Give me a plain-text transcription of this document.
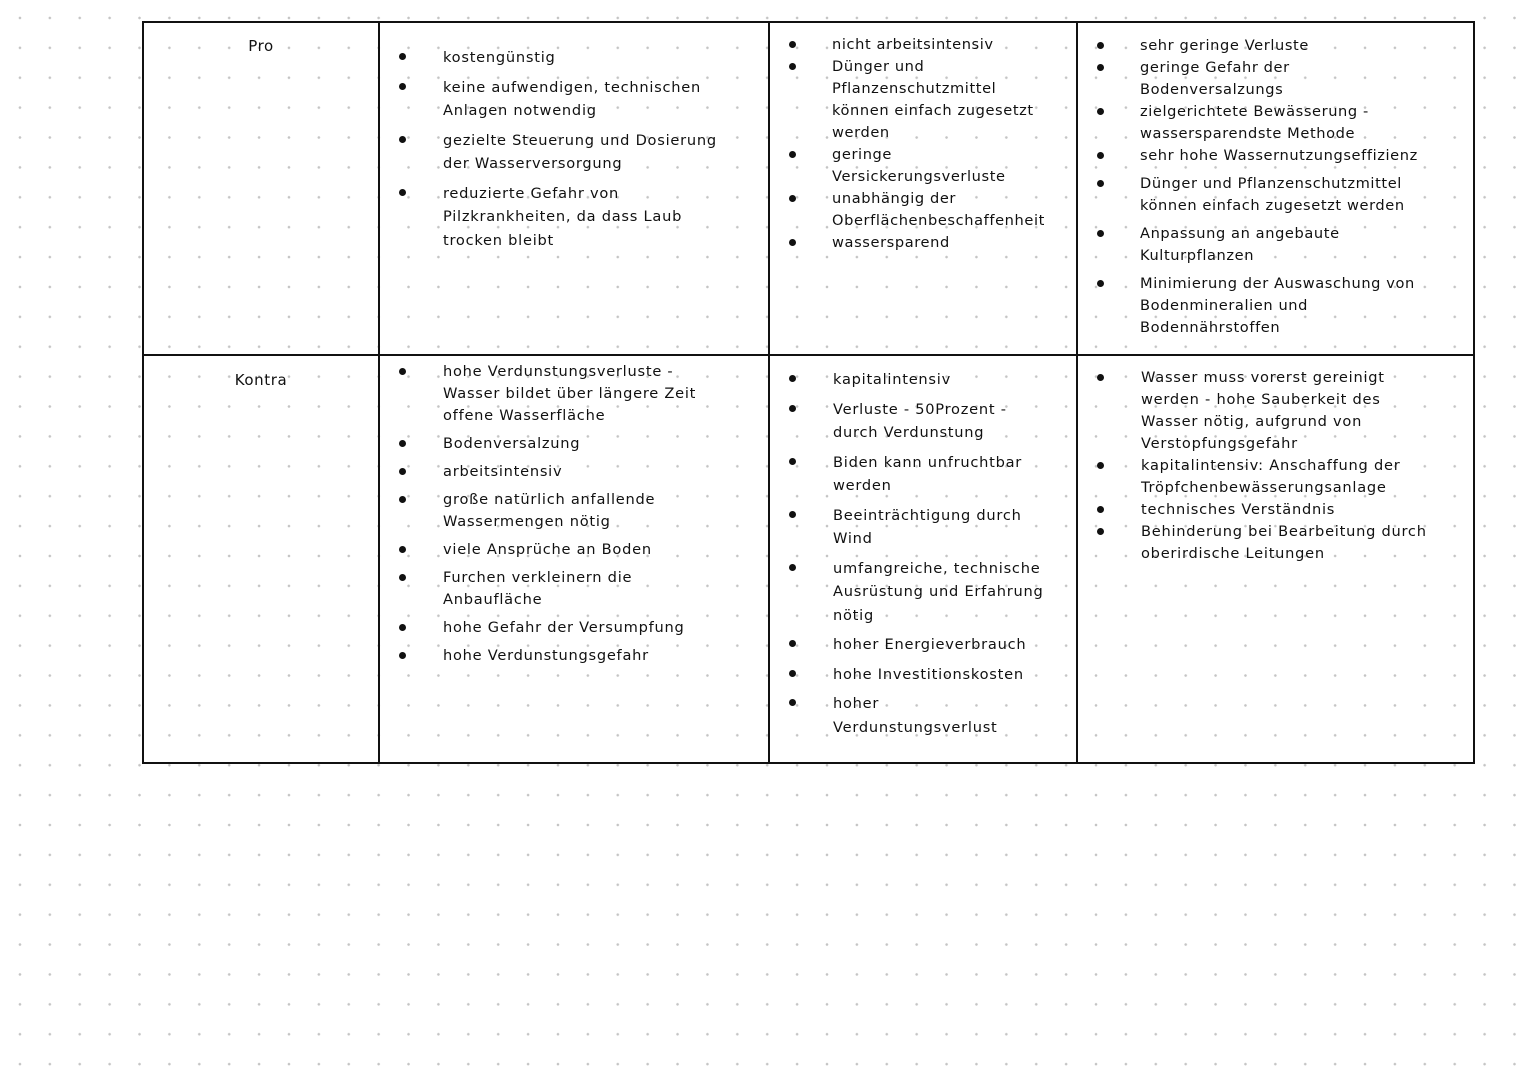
Pro
Kontra
kostengünstig
keine aufwendigen, technischen
Anlagen notwendig
gezielte Steuerung und Dosierung
der Wasserversorgung
reduzierte Gefahr von
Pilzkrankheiten, da dass Laub
trocken bleibt
nicht arbeitsintensiv
Dünger und
Pflanzenschutzmittel
können einfach zugesetzt
werden
geringe
Versickerungsverluste
unabhängig der
Oberflächenbeschaffenheit
wassersparend
sehr geringe Verluste
geringe Gefahr der
Bodenversalzungs
zielgerichtete Bewässerung -
wassersparendste Methode
sehr hohe Wassernutzungseffizienz
Dünger und Pflanzenschutzmittel
können einfach zugesetzt werden
Anpassung an angebaute
Kulturpflanzen
Minimierung der Auswaschung von
Bodenmineralien und
Bodennährstoffen
hohe Verdunstungsverluste -
Wasser bildet über längere Zeit
offene Wasserfläche
Bodenversalzung
arbeitsintensiv
große natürlich anfallende
Wassermengen nötig
viele Ansprüche an Boden
Furchen verkleinern die
Anbaufläche
hohe Gefahr der Versumpfung
hohe Verdunstungsgefahr
kapitalintensiv
Verluste - 50Prozent -
durch Verdunstung
Biden kann unfruchtbar
werden
Beeinträchtigung durch
Wind
umfangreiche, technische
Ausrüstung und Erfahrung
nötig
hoher Energieverbrauch
hohe Investitionskosten
hoher
Verdunstungsverlust
Wasser muss vorerst gereinigt
werden - hohe Sauberkeit des
Wasser nötig, aufgrund von
Verstopfungsgefahr
kapitalintensiv: Anschaffung der
Tröpfchenbewässerungsanlage
technisches Verständnis
Behinderung bei Bearbeitung durch
oberirdische Leitungen
